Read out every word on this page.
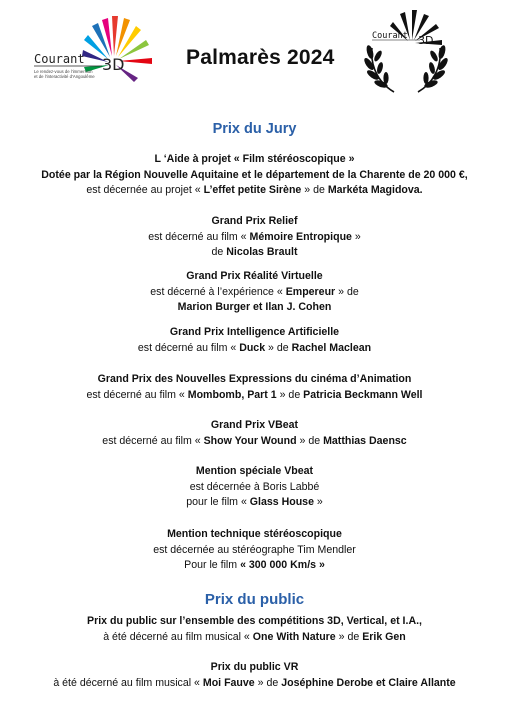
Courant 3D
Le rendez-vous de l’immersion
et de l’interactivité d’Angoulême
Palmarès 2024
Courant 3D
Prix du Jury
L ‘Aide à projet « Film stéréoscopique »
Dotée par la Région Nouvelle Aquitaine et le département de la Charente de 20 000 €,
est décernée au projet « L’effet petite Sirène » de Markéta Magidova.
Grand Prix Relief
est décerné au film « Mémoire Entropique »
de Nicolas Brault
Grand Prix Réalité Virtuelle
est décerné à l’expérience « Empereur » de
Marion Burger et Ilan J. Cohen
Grand Prix Intelligence Artificielle
est décerné au film « Duck » de Rachel Maclean
Grand Prix des Nouvelles Expressions du cinéma d’Animation
est décerné au film « Mombomb, Part 1 » de Patricia Beckmann Well
Grand Prix VBeat
est décerné au film « Show Your Wound » de Matthias Daensc
Mention spéciale Vbeat
est décernée à Boris Labbé
pour le film « Glass House »
Mention technique stéréoscopique
est décernée au stéréographe Tim Mendler
Pour le film « 300 000 Km/s »
Prix du public
Prix du public sur l’ensemble des compétitions 3D, Vertical, et I.A.,
à été décerné au film musical « One With Nature » de Erik Gen
Prix du public VR
à été décerné au film musical « Moi Fauve » de Joséphine Derobe et Claire Allante
